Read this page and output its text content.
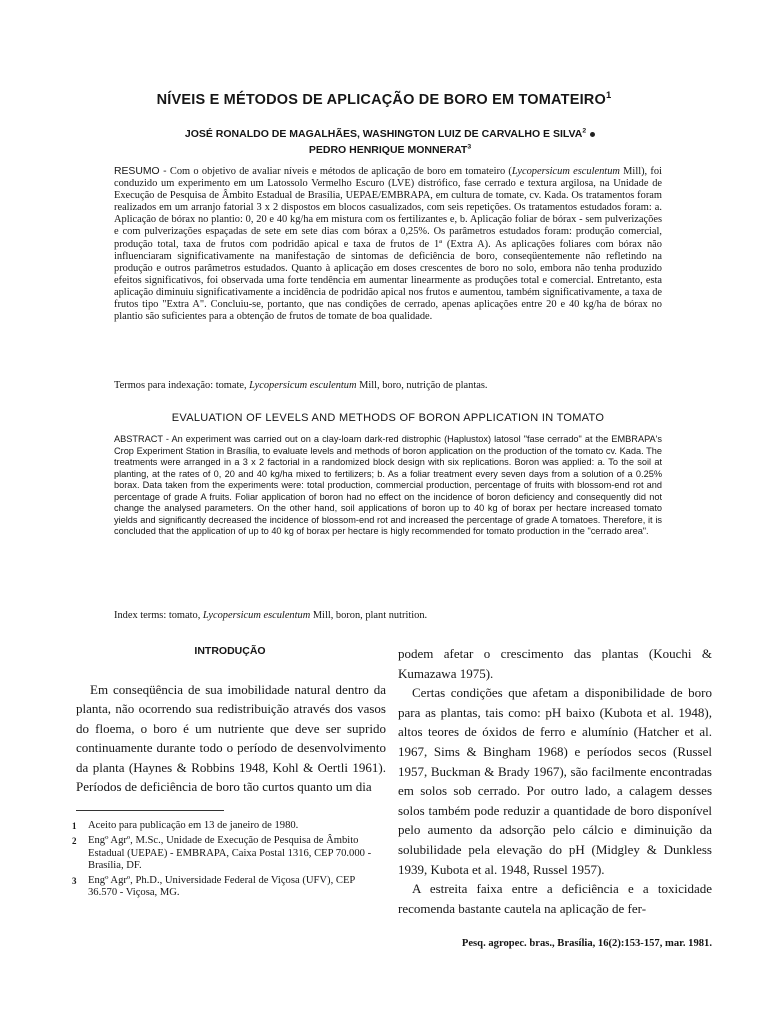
NÍVEIS E MÉTODOS DE APLICAÇÃO DE BORO EM TOMATEIRO$^1$
JOSÉ RONALDO DE MAGALHÃES, WASHINGTON LUIZ DE CARVALHO E SILVA$^2$
PEDRO HENRIQUE MONNERAT$^3$
RESUMO - Com o objetivo de avaliar níveis e métodos de aplicação de boro em tomateiro (Lycopersicum esculentum Mill), foi conduzido um experimento em um Latossolo Vermelho Escuro (LVE) distrófico, fase cerrado e textura argilosa, na Unidade de Execução de Pesquisa de Âmbito Estadual de Brasília, UEPAE/EMBRAPA, em cultura de tomate, cv. Kada. Os tratamentos foram realizados em um arranjo fatorial 3 x 2 dispostos em blocos casualizados, com seis repetições. Os tratamentos estudados foram: a. Aplicação de bórax no plantio: 0, 20 e 40 kg/ha em mistura com os fertilizantes e, b. Aplicação foliar de bórax - sem pulverizações e com pulverizações espaçadas de sete em sete dias com bórax a 0,25%. Os parâmetros estudados foram: produção comercial, produção total, taxa de frutos com podridão apical e taxa de frutos de 1ª (Extra A). As aplicações foliares com bórax não influenciaram significativamente na manifestação de sintomas de deficiência de boro, conseqüentemente não refletindo na produção e outros parâmetros estudados. Quanto à aplicação em doses crescentes de boro no solo, embora não tenha produzido efeitos significativos, foi observada uma forte tendência em aumentar linearmente as produções total e comercial. Entretanto, esta aplicação diminuiu significativamente a incidência de podridão apical nos frutos e aumentou, também significativamente, a taxa de frutos tipo "Extra A". Concluiu-se, portanto, que nas condições de cerrado, apenas aplicações entre 20 e 40 kg/ha de bórax no plantio são suficientes para a obtenção de frutos de tomate de boa qualidade.
Termos para indexação: tomate, Lycopersicum esculentum Mill, boro, nutrição de plantas.
EVALUATION OF LEVELS AND METHODS OF BORON APPLICATION IN TOMATO
ABSTRACT - An experiment was carried out on a clay-loam dark-red distrophic (Haplustox) latosol "fase cerrado" at the EMBRAPA's Crop Experiment Station in Brasília, to evaluate levels and methods of boron application on the production of the tomato cv. Kada. The treatments were arranged in a 3 x 2 factorial in a randomized block design with six replications. Boron was applied: a. To the soil at planting, at the rates of 0, 20 and 40 kg/ha mixed to fertilizers; b. As a foliar treatment every seven days from a solution of a 0.25% borax. Data taken from the experiments were: total production, commercial production, percentage of fruits with blossom-end rot and percentage of grade A fruits. Foliar application of boron had no effect on the incidence of boron deficiency and consequently did not change the analysed parameters. On the other hand, soil applications of boron up to 40 kg of borax per hectare increased tomato yields and significantly decreased the incidence of blossom-end rot and increased the percentage of grade A tomatoes. Therefore, it is concluded that the application of up to 40 kg of borax per hectare is higly recommended for tomato production in the "cerrado area".
Index terms: tomato, Lycopersicum esculentum Mill, boron, plant nutrition.
INTRODUÇÃO

Em conseqüência de sua imobilidade natural dentro da planta, não ocorrendo sua redistribuição através dos vasos do floema, o boro é um nutriente que deve ser suprido continuamente durante todo o período de desenvolvimento da planta (Haynes & Robbins 1948, Kohl & Oertli 1961). Períodos de deficiência de boro tão curtos quanto um dia

1	Aceito para publicação em 13 de janeiro de 1980.
2	Engº Agrº, M.Sc., Unidade de Execução de Pesquisa de Âmbito Estadual (UEPAE) - EMBRAPA, Caixa Postal 1316, CEP 70.000 - Brasília, DF.
3	Engº Agrº, Ph.D., Universidade Federal de Viçosa (UFV), CEP 36.570 - Viçosa, MG.

podem afetar o crescimento das plantas (Kouchi & Kumazawa 1975).

Certas condições que afetam a disponibilidade de boro para as plantas, tais como: pH baixo (Kubota et al. 1948), altos teores de óxidos de ferro e alumínio (Hatcher et al. 1967, Sims & Bingham 1968) e períodos secos (Russel 1957, Buckman & Brady 1967), são facilmente encontradas em solos sob cerrado. Por outro lado, a calagem desses solos também pode reduzir a quantidade de boro disponível pelo aumento da adsorção pelo cálcio e diminuição da solubilidade pela elevação do pH (Midgley & Dunkless 1939, Kubota et al. 1948, Russel 1957).

A estreita faixa entre a deficiência e a toxicidade recomenda bastante cautela na aplicação de fer-

Pesq. agropec. bras., Brasília, 16(2):153-157, mar. 1981.
